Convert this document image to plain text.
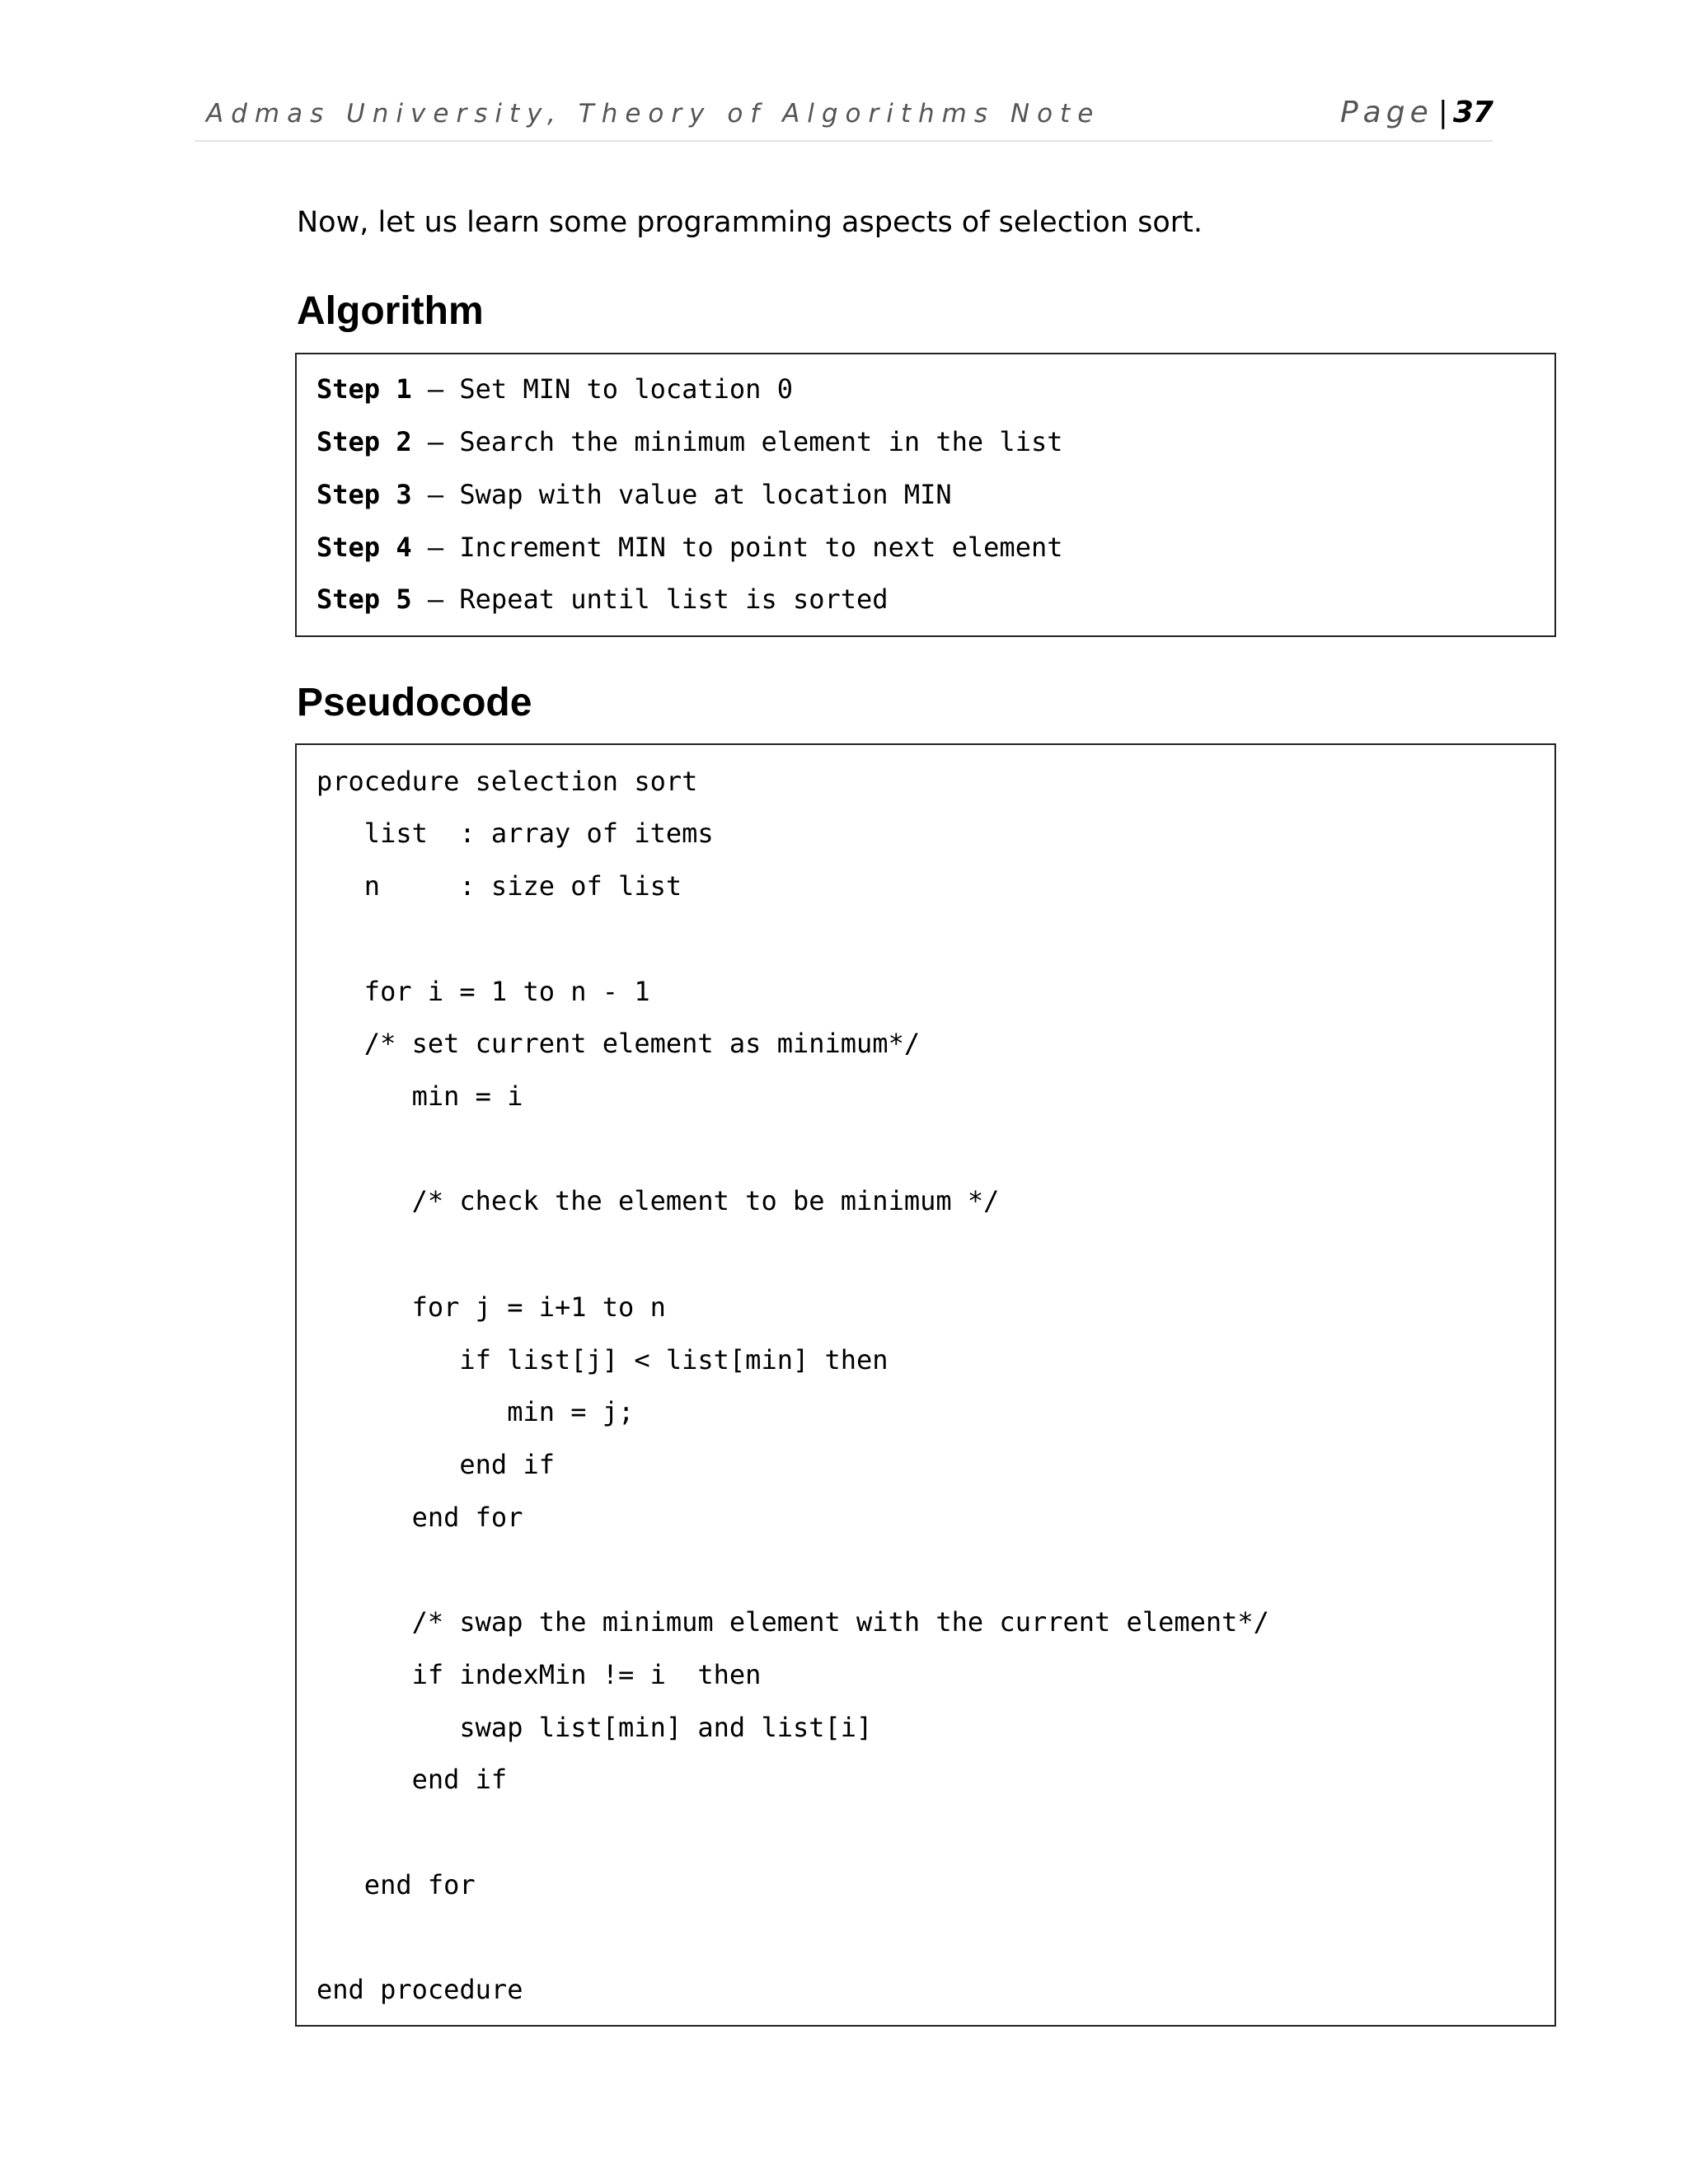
Admas University, Theory of Algorithms Note	Page | 37
Now, let us learn some programming aspects of selection sort.
Algorithm
Step 1 – Set MIN to location 0
Step 2 – Search the minimum element in the list
Step 3 – Swap with value at location MIN
Step 4 – Increment MIN to point to next element
Step 5 – Repeat until list is sorted
Pseudocode
procedure selection sort
list  : array of items
n     : size of list
for i = 1 to n - 1
/* set current element as minimum*/
min = i
/* check the element to be minimum */
for j = i+1 to n
if list[j] < list[min] then
min = j;
end if
end for
/* swap the minimum element with the current element*/
if indexMin != i  then
swap list[min] and list[i]
end if
end for
end procedure
